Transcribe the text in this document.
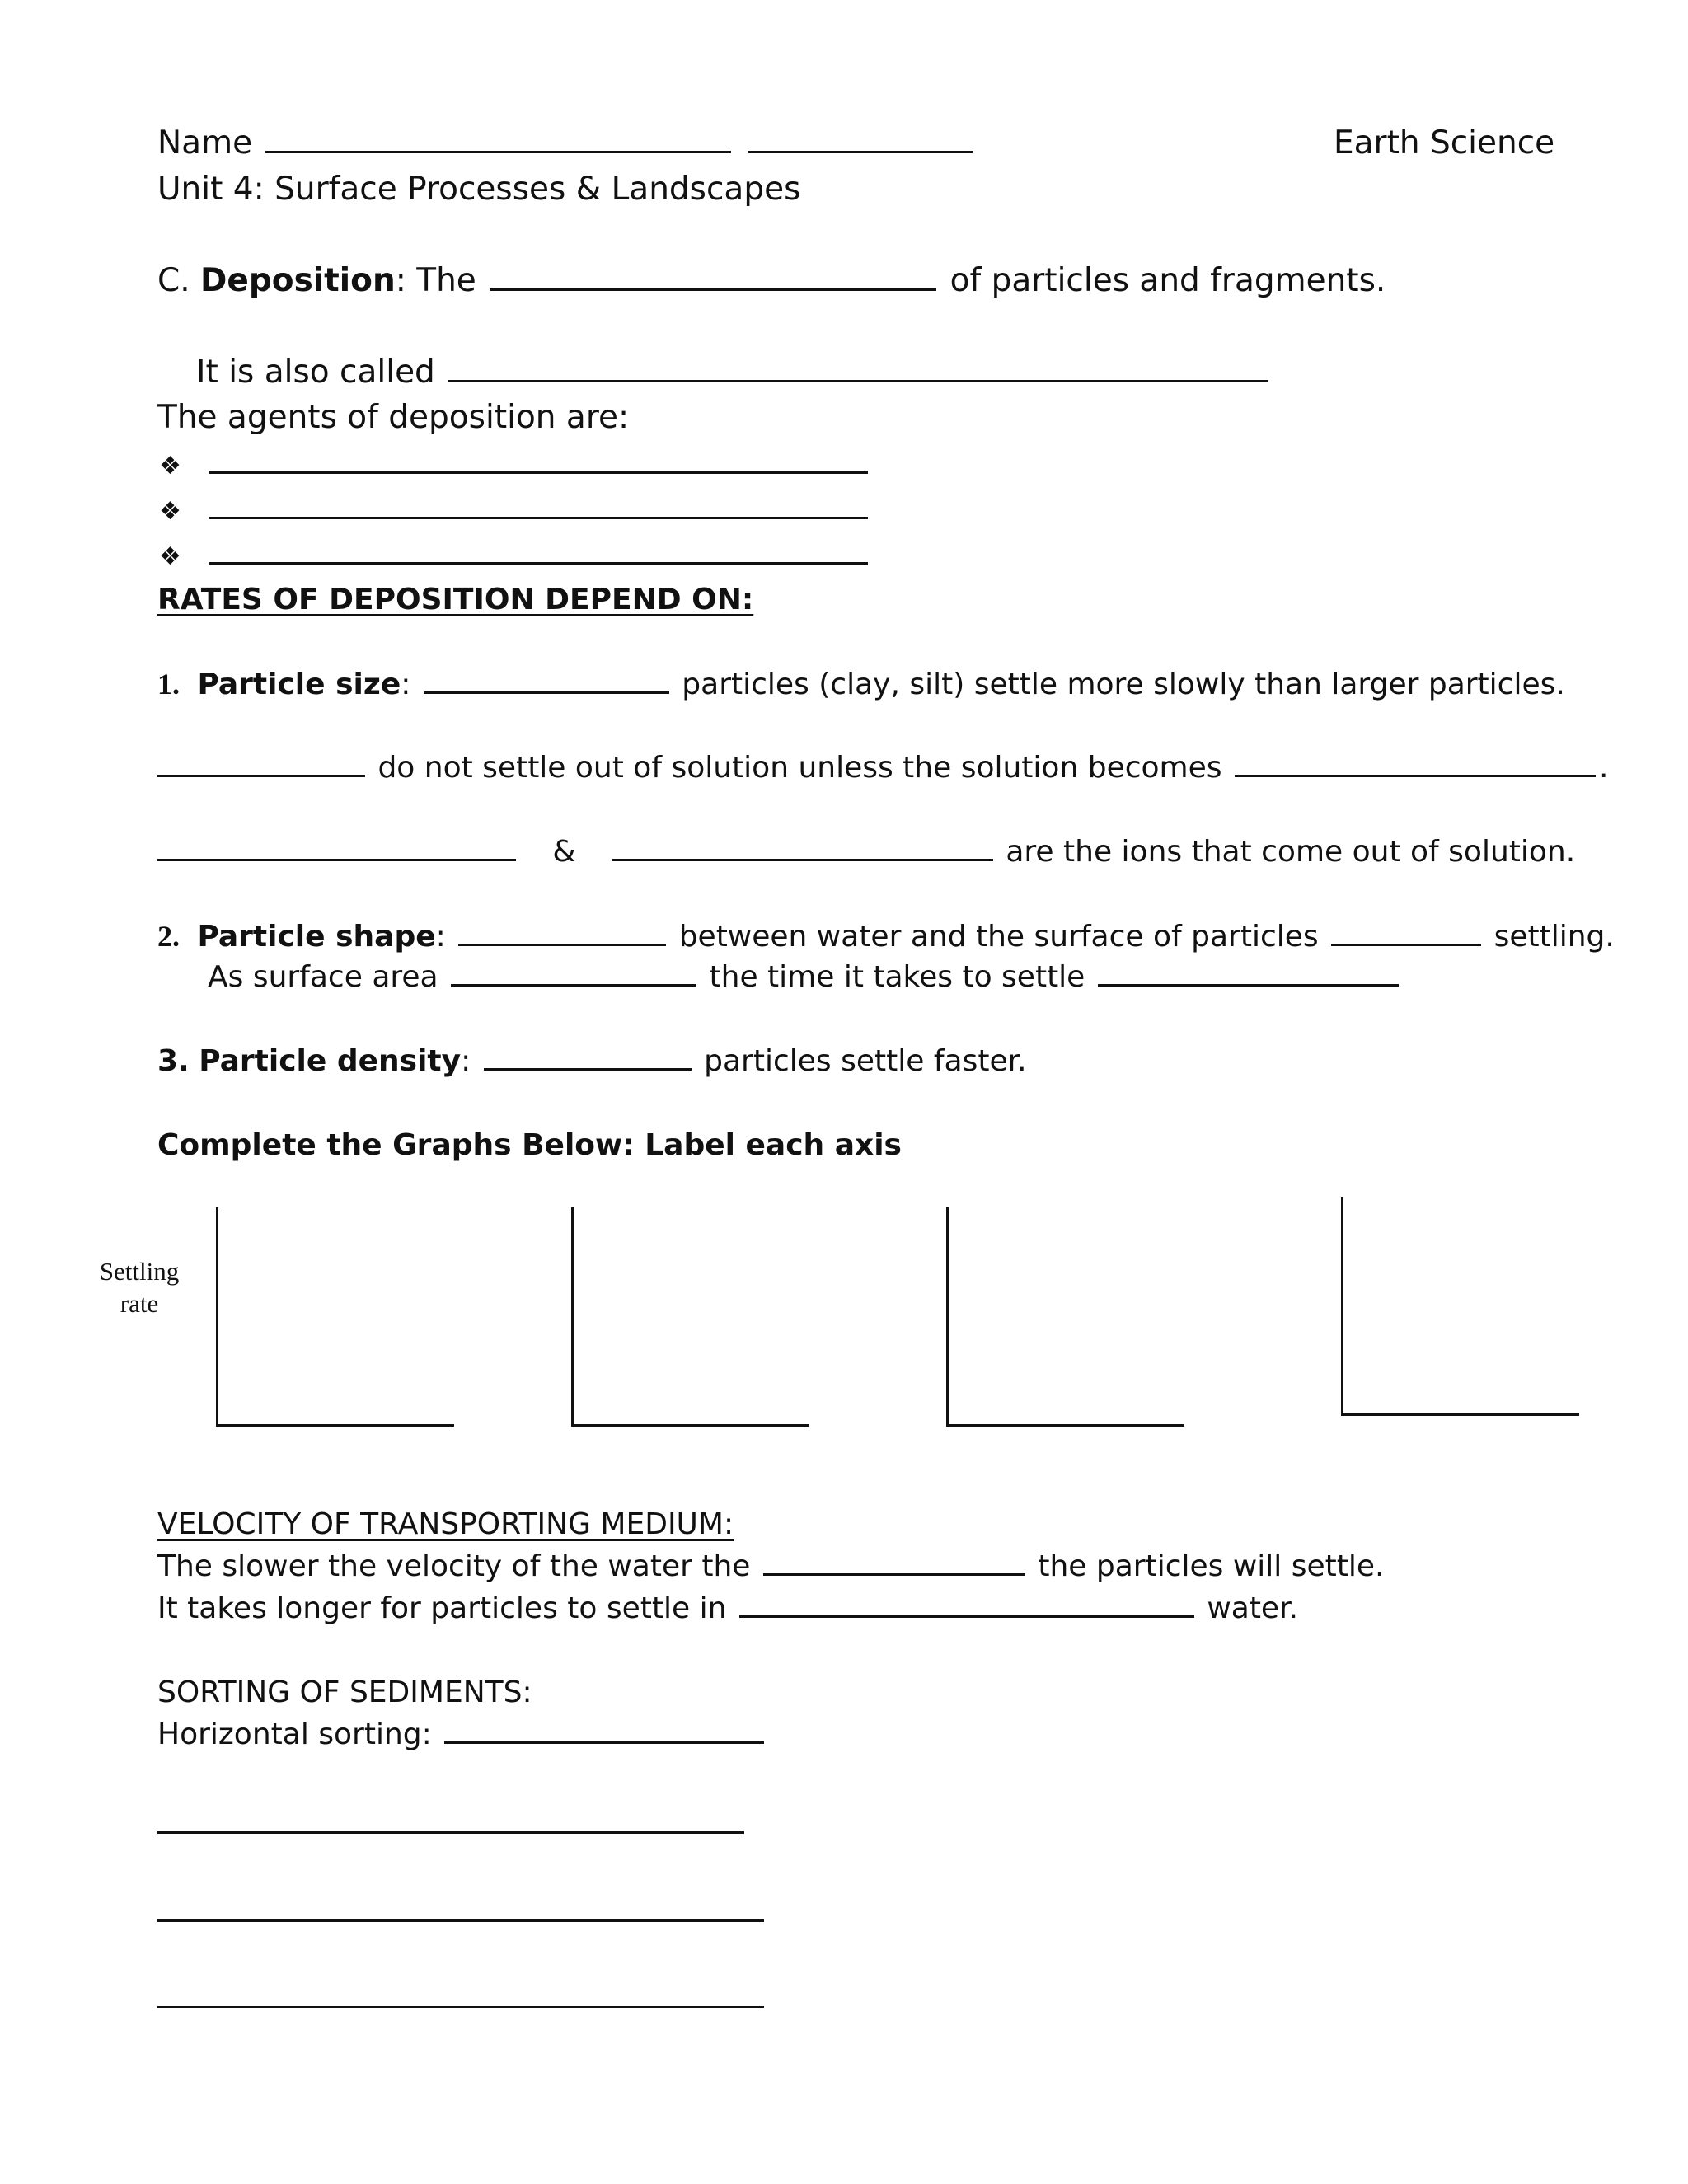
Name	Earth Science
Unit 4: Surface Processes & Landscapes
C. Deposition: The	of particles and fragments.
It is also called
The agents of deposition are:
❖
❖
❖
RATES OF DEPOSITION DEPEND ON:
1. Particle size:	particles (clay, silt) settle more slowly than larger particles.
do not settle out of solution unless the solution becomes	.
&	are the ions that come out of solution.
2. Particle shape:	between water and the surface of particles	settling.
As surface area	the time it takes to settle
3. Particle density:	particles settle faster.
Complete the Graphs Below: Label each axis
Settling
rate
VELOCITY OF TRANSPORTING MEDIUM:
The slower the velocity of the water the	the particles will settle.
It takes longer for particles to settle in	water.
SORTING OF SEDIMENTS:
Horizontal sorting:
